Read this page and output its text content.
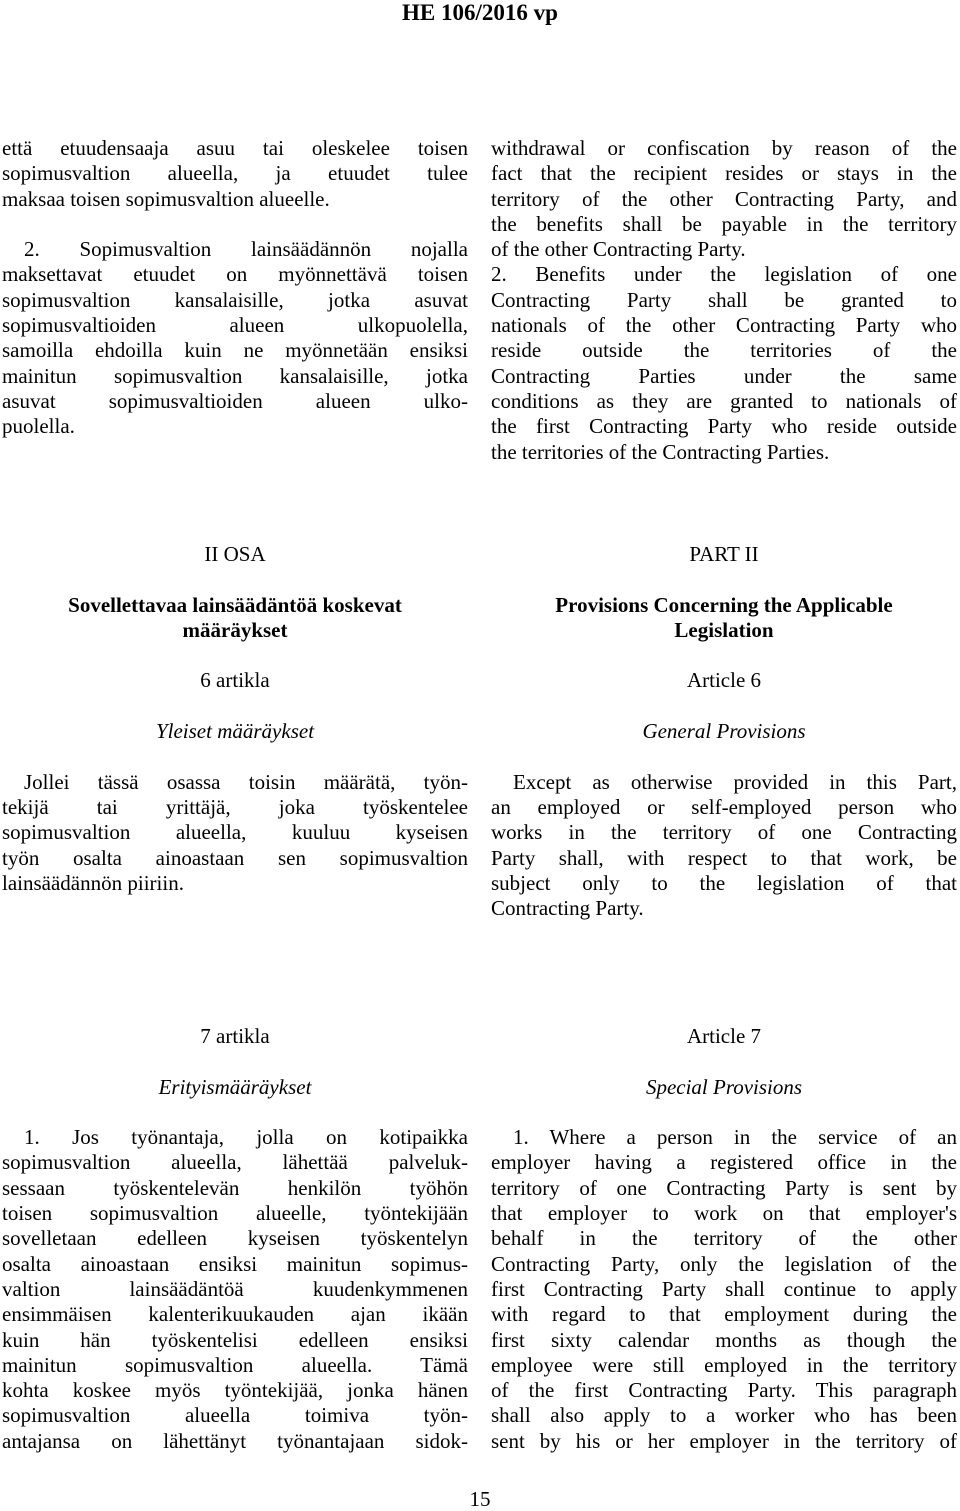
HE 106/2016 vp
että etuudensaaja asuu tai oleskelee toisen
sopimusvaltion alueella, ja etuudet tulee
maksaa toisen sopimusvaltion alueelle.
2. Sopimusvaltion lainsäädännön nojalla
maksettavat etuudet on myönnettävä toisen
sopimusvaltion kansalaisille, jotka asuvat
sopimusvaltioiden alueen ulkopuolella,
samoilla ehdoilla kuin ne myönnetään ensiksi
mainitun sopimusvaltion kansalaisille, jotka
asuvat sopimusvaltioiden alueen ulko-
puolella.
withdrawal or confiscation by reason of the
fact that the recipient resides or stays in the
territory of the other Contracting Party, and
the benefits shall be payable in the territory
of the other Contracting Party.
2. Benefits under the legislation of one
Contracting Party shall be granted to
nationals of the other Contracting Party who
reside outside the territories of the
Contracting Parties under the same
conditions as they are granted to nationals of
the first Contracting Party who reside outside
the territories of the Contracting Parties.

II OSA

Sovellettavaa lainsäädäntöä koskevat

määräykset

6 artikla

Yleiset määräykset

Jollei tässä osassa toisin määrätä, työn-
tekijä tai yrittäjä, joka työskentelee
sopimusvaltion alueella, kuuluu kyseisen
työn osalta ainoastaan sen sopimusvaltion
lainsäädännön piiriin.

PART II

Provisions Concerning the Applicable

Legislation

Article 6

General Provisions

Except as otherwise provided in this Part,
an employed or self-employed person who
works in the territory of one Contracting
Party shall, with respect to that work, be
subject only to the legislation of that
Contracting Party.

7 artikla

Erityismääräykset

1. Jos työnantaja, jolla on kotipaikka
sopimusvaltion alueella, lähettää palveluk-
sessaan työskentelevän henkilön työhön
toisen sopimusvaltion alueelle, työntekijään
sovelletaan edelleen kyseisen työskentelyn
osalta ainoastaan ensiksi mainitun sopimus-
valtion lainsäädäntöä kuudenkymmenen
ensimmäisen kalenterikuukauden ajan ikään
kuin hän työskentelisi edelleen ensiksi
mainitun sopimusvaltion alueella. Tämä
kohta koskee myös työntekijää, jonka hänen
sopimusvaltion alueella toimiva työn-
antajansa on lähettänyt työnantajaan sidok-

Article 7

Special Provisions

1. Where a person in the service of an
employer having a registered office in the
territory of one Contracting Party is sent by
that employer to work on that employer's
behalf in the territory of the other
Contracting Party, only the legislation of the
first Contracting Party shall continue to apply
with regard to that employment during the
first sixty calendar months as though the
employee were still employed in the territory
of the first Contracting Party. This paragraph
shall also apply to a worker who has been
sent by his or her employer in the territory of
15
